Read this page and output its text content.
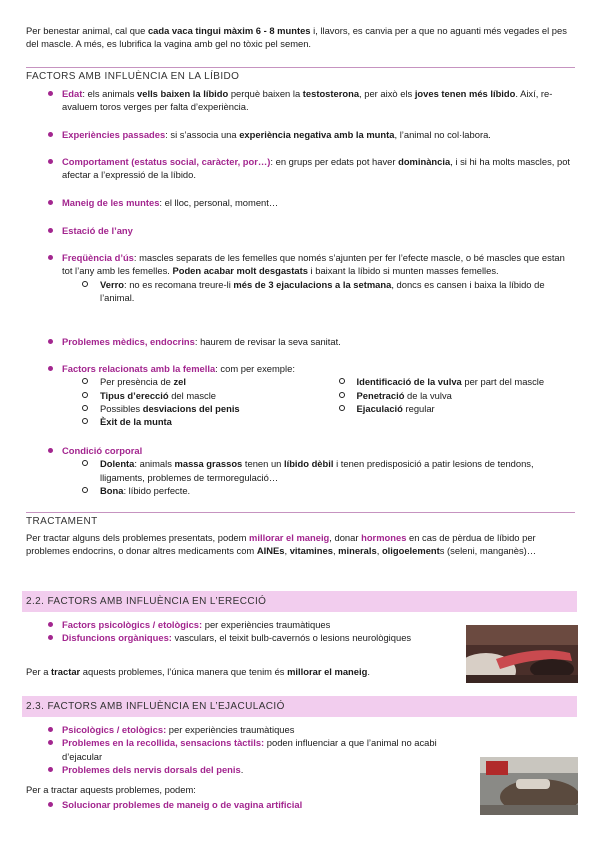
Per benestar animal, cal que cada vaca tingui màxim 6 - 8 muntes i, llavors, es canvia per a que no aguanti més vegades el pes del mascle. A més, es lubrifica la vagina amb gel no tòxic pel semen.

FACTORS AMB INFLUÈNCIA EN LA LÍBIDO
Edat: els animals vells baixen la líbido perquè baixen la testosterona, per això els joves tenen més líbido. Així, re-avaluem toros verges per falta d’experiència.
Experiències passades: si s’associa una experiència negativa amb la munta, l’animal no col·labora.
Comportament (estatus social, caràcter, por…): en grups per edats pot haver dominància, i si hi ha molts mascles, pot afectar a l’expressió de la líbido.
Maneig de les muntes: el lloc, personal, moment…
Estació de l’any
Freqüència d’ús: mascles separats de les femelles que només s’ajunten per fer l’efecte mascle, o bé mascles que estan tot l’any amb les femelles. Poden acabar molt desgastats i baixant la líbido si munten masses femelles.
Verro: no es recomana treure-li més de 3 ejaculacions a la setmana, doncs es cansen i baixa la líbido de l’animal.
Problemes mèdics, endocrins: haurem de revisar la seva sanitat.
Factors relacionats amb la femella: com per exemple:
Per presència de zel
Tipus d’erecció del mascle
Possibles desviacions del penis
Èxit de la munta
Identificació de la vulva per part del mascle
Penetració de la vulva
Ejaculació regular
Condició corporal
Dolenta: animals massa grassos tenen un líbido dèbil i tenen predisposició a patir lesions de tendons, lligaments, problemes de termoregulació…
Bona: líbido perfecte.
TRACTAMENT

Per tractar alguns dels problemes presentats, podem millorar el maneig, donar hormones en cas de pèrdua de líbido per problemes endocrins, o donar altres medicaments com AINEs, vitamines, minerals, oligoelements (seleni, manganès)…

2.2. FACTORS AMB INFLUÈNCIA EN L’ERECCIÓ
Factors psicològics / etològics: per experiències traumàtiques
Disfuncions orgàniques: vasculars, el teixit bulb-cavernós o lesions neurològiques

Per a tractar aquests problemes, l’única manera que tenim és millorar el maneig.

2.3. FACTORS AMB INFLUÈNCIA EN L’EJACULACIÓ
Psicològics / etològics: per experiències traumàtiques
Problemes en la recollida, sensacions tàctils: poden influenciar a que l’animal no acabi d’ejacular
Problemes dels nervis dorsals del penis.

Per a tractar aquests problemes, podem:

Solucionar problemes de maneig o de vagina artificial
